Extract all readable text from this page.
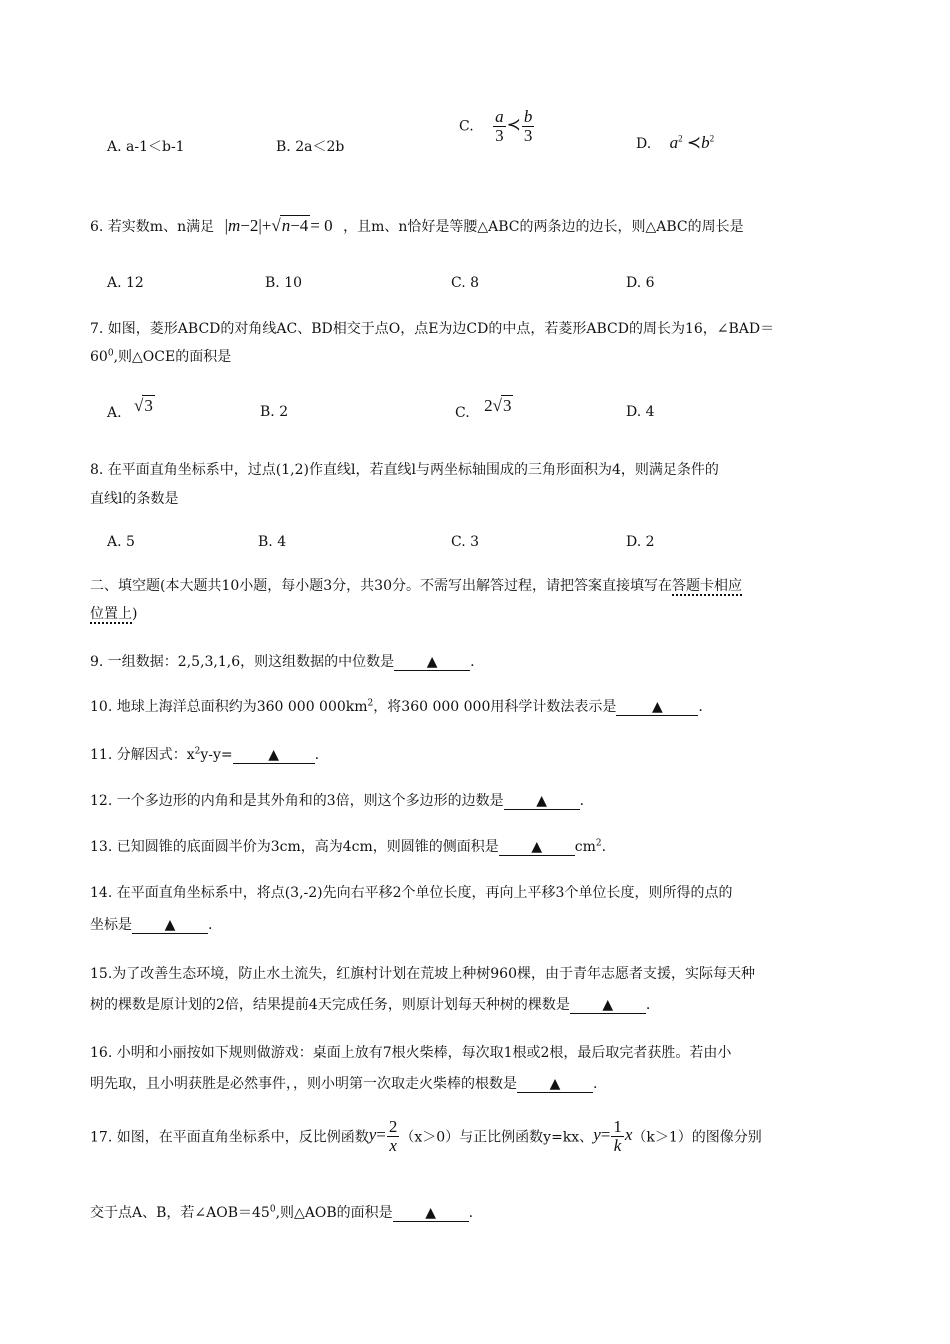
A. a-1＜b-1	B. 2a＜2b
C. $\frac{a}{3}$ ≺ $\frac{b}{3}$	D. $a^2$ $≺b^2$
6. 若实数m、n满足 |m−2|+√n−4 = 0 ，且m、n恰好是等腰△ABC的两条边的边长，则△ABC的周长是
A. 12	B. 10	C. 8	D. 6
7. 如图，菱形ABCD的对角线AC、BD相交于点O，点E为边CD的中点，若菱形ABCD的周长为16，∠BAD＝
$60^0$,则△OCE的面积是
A. √3	B. 2	C. 2√3	D. 4
8. 在平面直角坐标系中，过点(1,2)作直线l，若直线l与两坐标轴围成的三角形面积为4，则满足条件的
直线l的条数是
A. 5	B. 4	C. 3	D. 2
二、填空题(本大题共10小题，每小题3分，共30分。不需写出解答过程，请把答案直接填写在答题卡相应
位置上)
9. 一组数据：2,5,3,1,6，则这组数据的中位数是 ▲ .
10. 地球上海洋总面积约为360 000 $000km^2$，将360 000 000用科学计数法表示是	▲	.
11. 分解因式：$x^2y-y=$	▲	.
12. 一个多边形的内角和是其外角和的3倍，则这个多边形的边数是 ▲ .
13. 已知圆锥的底面圆半价为3cm，高为4cm，则圆锥的侧面积是 ▲ $cm^2$.
14. 在平面直角坐标系中，将点(3,-2)先向右平移2个单位长度，再向上平移3个单位长度，则所得的点的
坐标是 ▲ .
15.为了改善生态环境，防止水土流失，红旗村计划在荒坡上种树960棵，由于青年志愿者支援，实际每天种
树的棵数是原计划的2倍，结果提前4天完成任务，则原计划每天种树的棵数是 ▲ .
16. 小明和小丽按如下规则做游戏：桌面上放有7根火柴棒，每次取1根或2根，最后取完者获胜。若由小
明先取，且小明获胜是必然事件，，则小明第一次取走火柴棒的根数是 ▲ .
17. 如图，在平面直角坐标系中，反比例函数$y= \frac{2}{x} (x>0)$与正比例函数y=kx、$y= \frac{1}{k} x(k>1)$的图像分别
交于点A、B，若$\angle AOB=45^0$,则△AOB的面积是 ▲ .
